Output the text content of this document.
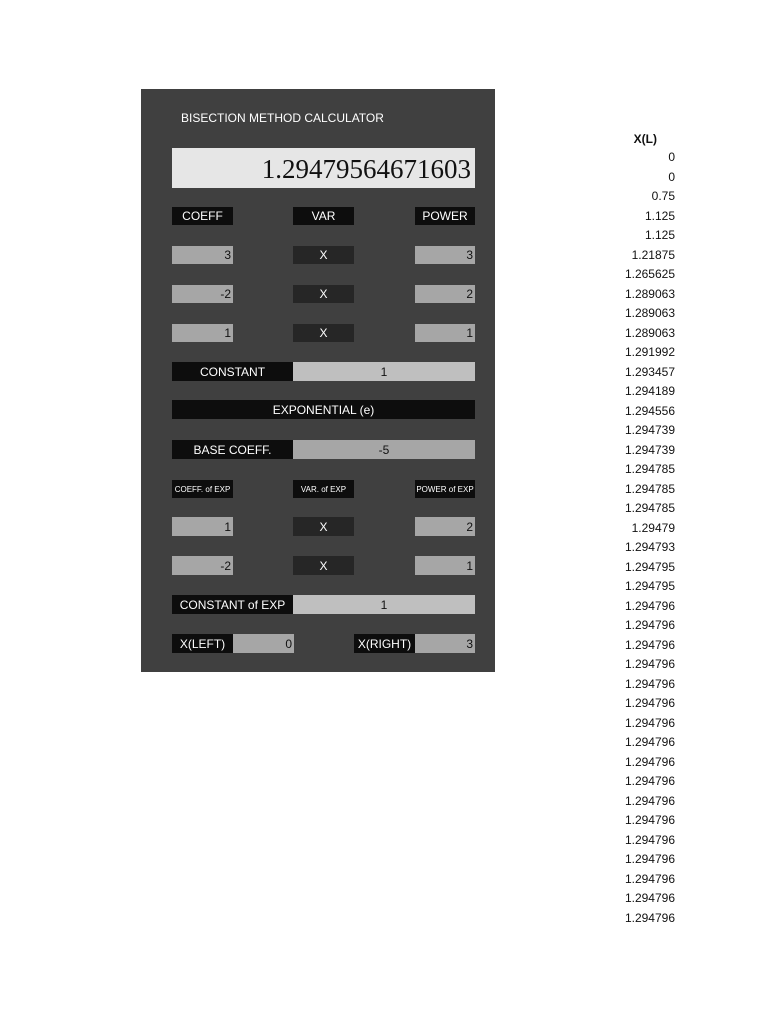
BISECTION METHOD CALCULATOR
1.29479564671603
COEFF	VAR	POWER
3	X	3
-2	X	2
1	X	1
CONSTANT	1
EXPONENTIAL (e)
BASE COEFF.	-5
COEFF. of EXP	VAR. of EXP	POWER of EXP
1	X	2
-2	X	1
CONSTANT of EXP	1
X(LEFT)	0	X(RIGHT)	3
X(L)
0
0
0.75
1.125
1.125
1.21875
1.265625
1.289063
1.289063
1.289063
1.291992
1.293457
1.294189
1.294556
1.294739
1.294739
1.294785
1.294785
1.294785
1.29479
1.294793
1.294795
1.294795
1.294796
1.294796
1.294796
1.294796
1.294796
1.294796
1.294796
1.294796
1.294796
1.294796
1.294796
1.294796
1.294796
1.294796
1.294796
1.294796
1.294796
